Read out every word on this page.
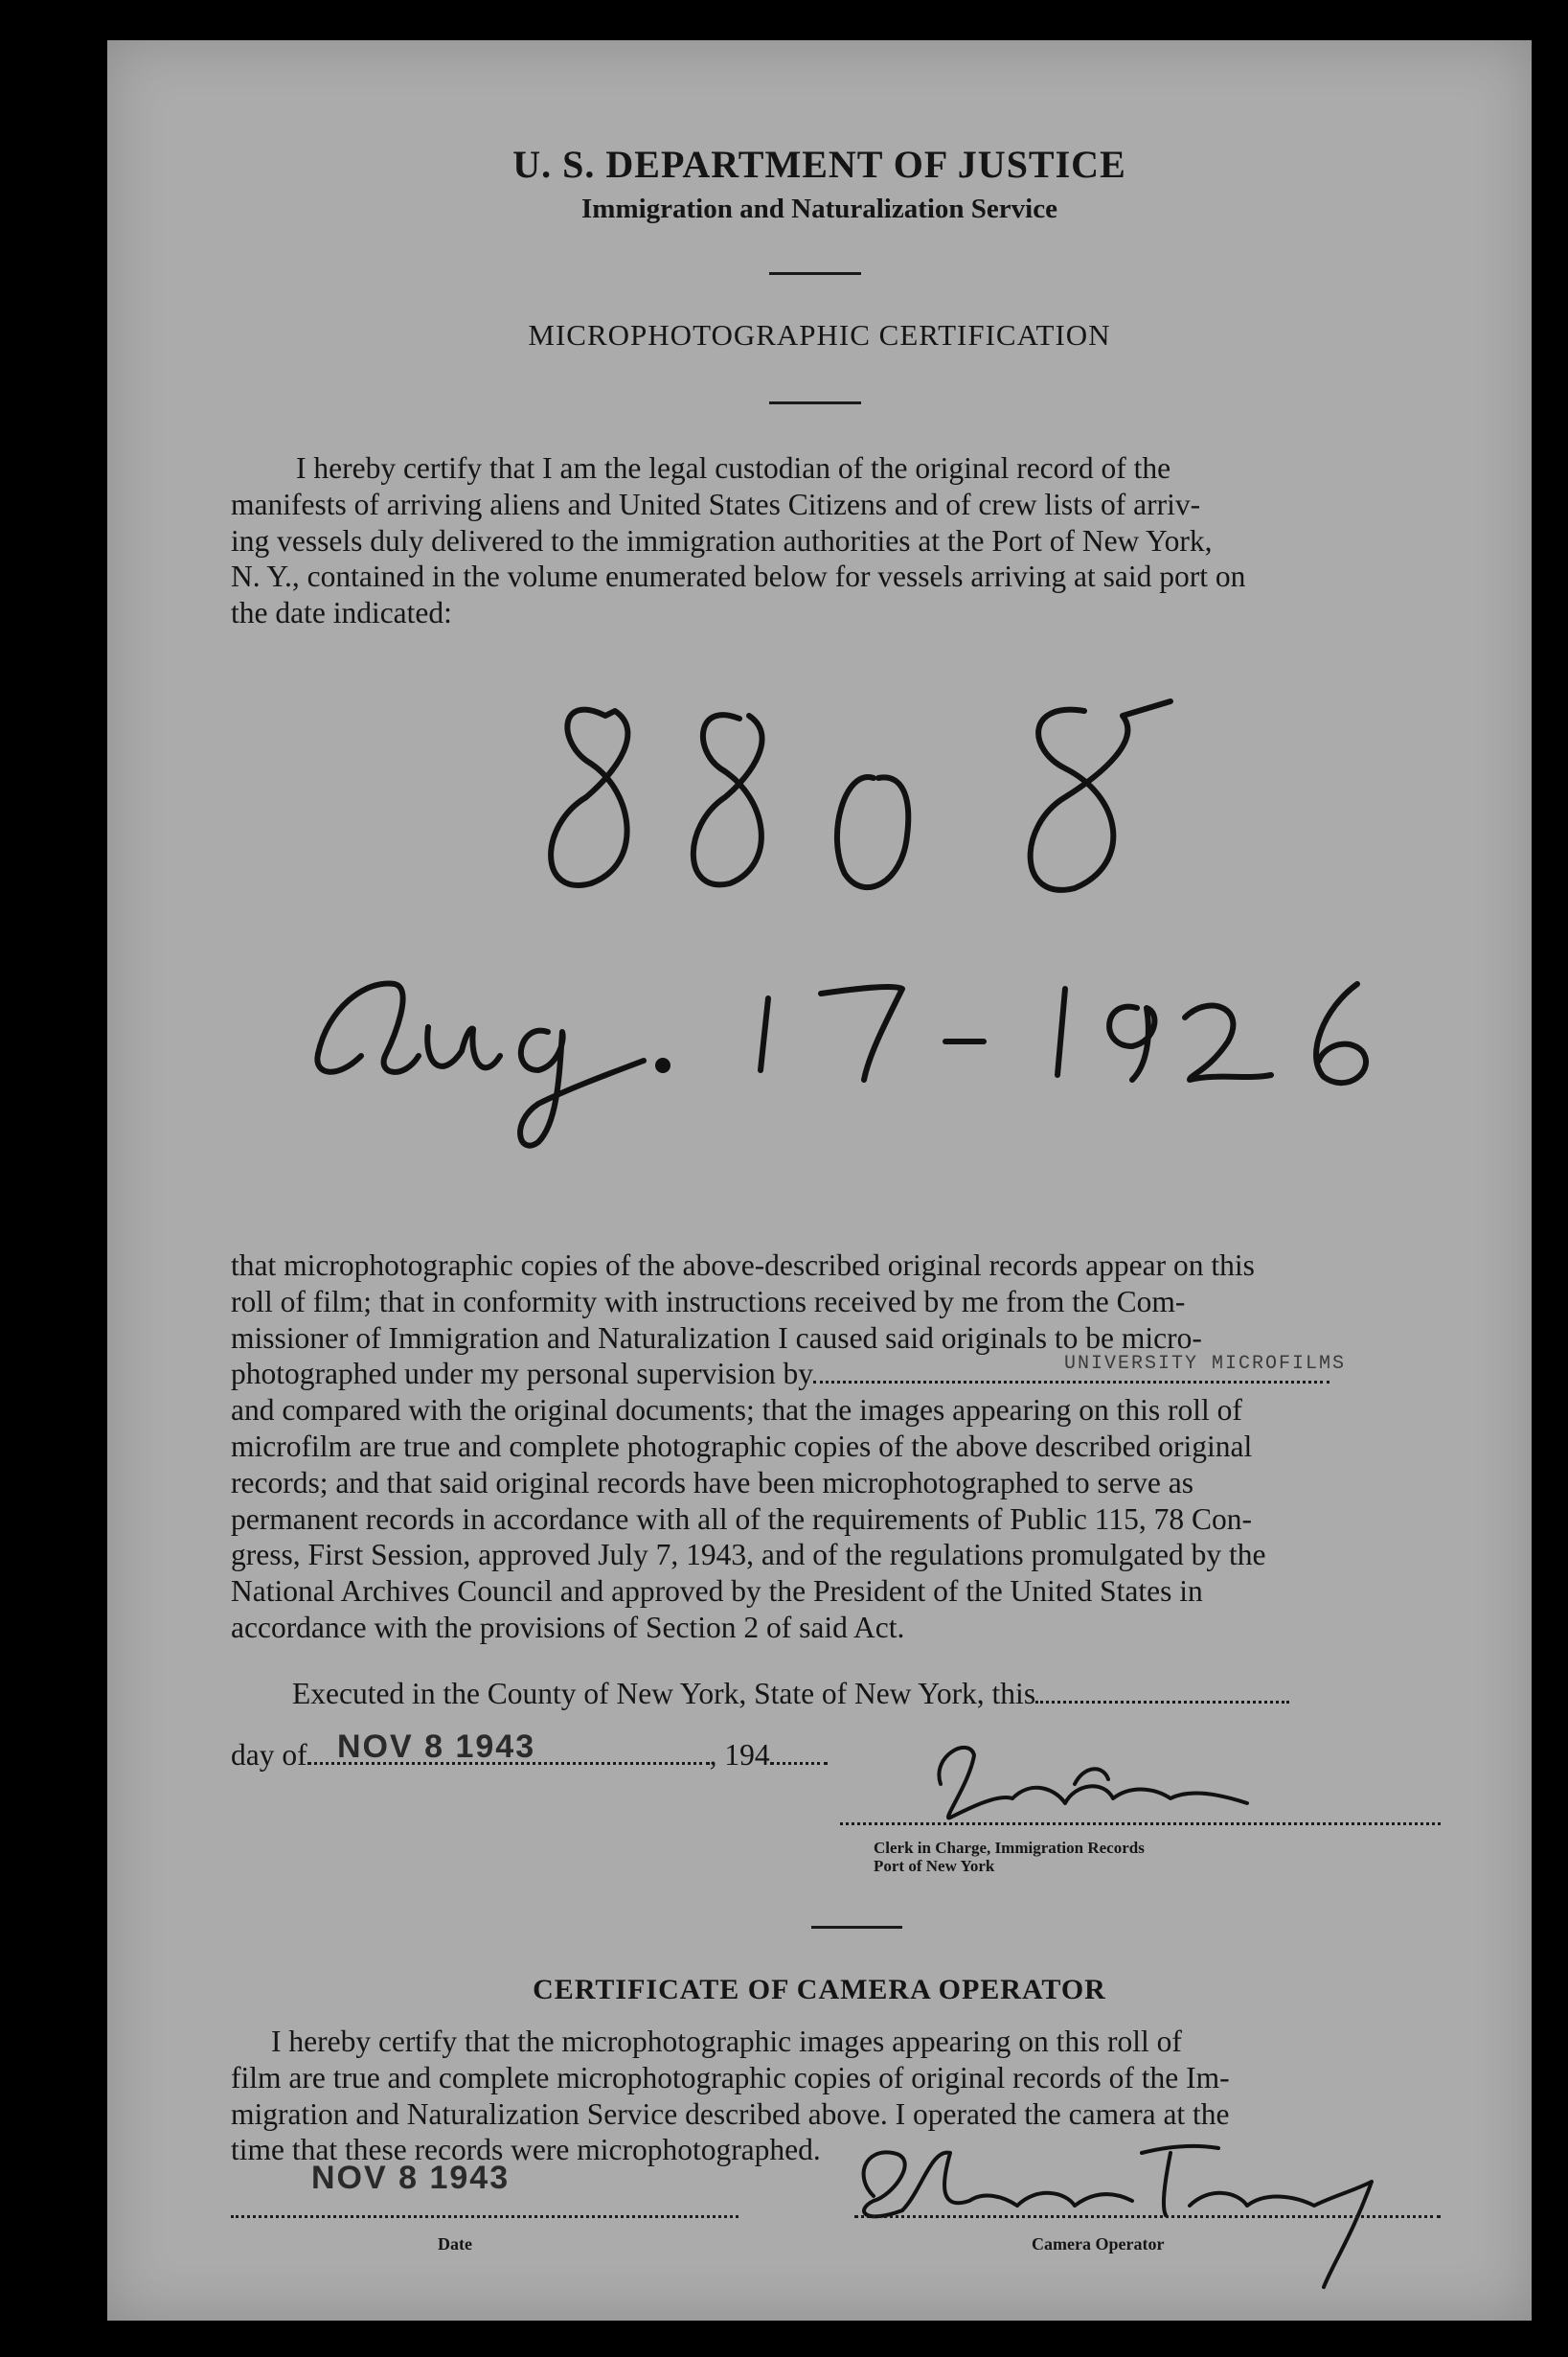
U. S. DEPARTMENT OF JUSTICE
Immigration and Naturalization Service
MICROPHOTOGRAPHIC CERTIFICATION
I hereby certify that I am the legal custodian of the original record of the
manifests of arriving aliens and United States Citizens and of crew lists of arriv-
ing vessels duly delivered to the immigration authorities at the Port of New York,
N. Y., contained in the volume enumerated below for vessels arriving at said port on
the date indicated:
that microphotographic copies of the above-described original records appear on this
roll of film; that in conformity with instructions received by me from the Com-
missioner of Immigration and Naturalization I caused said originals to be micro-
photographed under my personal supervision by	UNIVERSITY MICROFILMS
and compared with the original documents; that the images appearing on this roll of
microfilm are true and complete photographic copies of the above described original
records; and that said original records have been microphotographed to serve as
permanent records in accordance with all of the requirements of Public 115, 78 Con-
gress, First Session, approved July 7, 1943, and of the regulations promulgated by the
National Archives Council and approved by the President of the United States in
accordance with the provisions of Section 2 of said Act.
Executed in the County of New York, State of New York, this
day of	, 194
NOV 8 1943
Clerk in Charge, Immigration Records
Port of New York
CERTIFICATE OF CAMERA OPERATOR
I hereby certify that the microphotographic images appearing on this roll of
film are true and complete microphotographic copies of original records of the Im-
migration and Naturalization Service described above. I operated the camera at the
time that these records were microphotographed.
NOV 8 1943
Date	Camera Operator
